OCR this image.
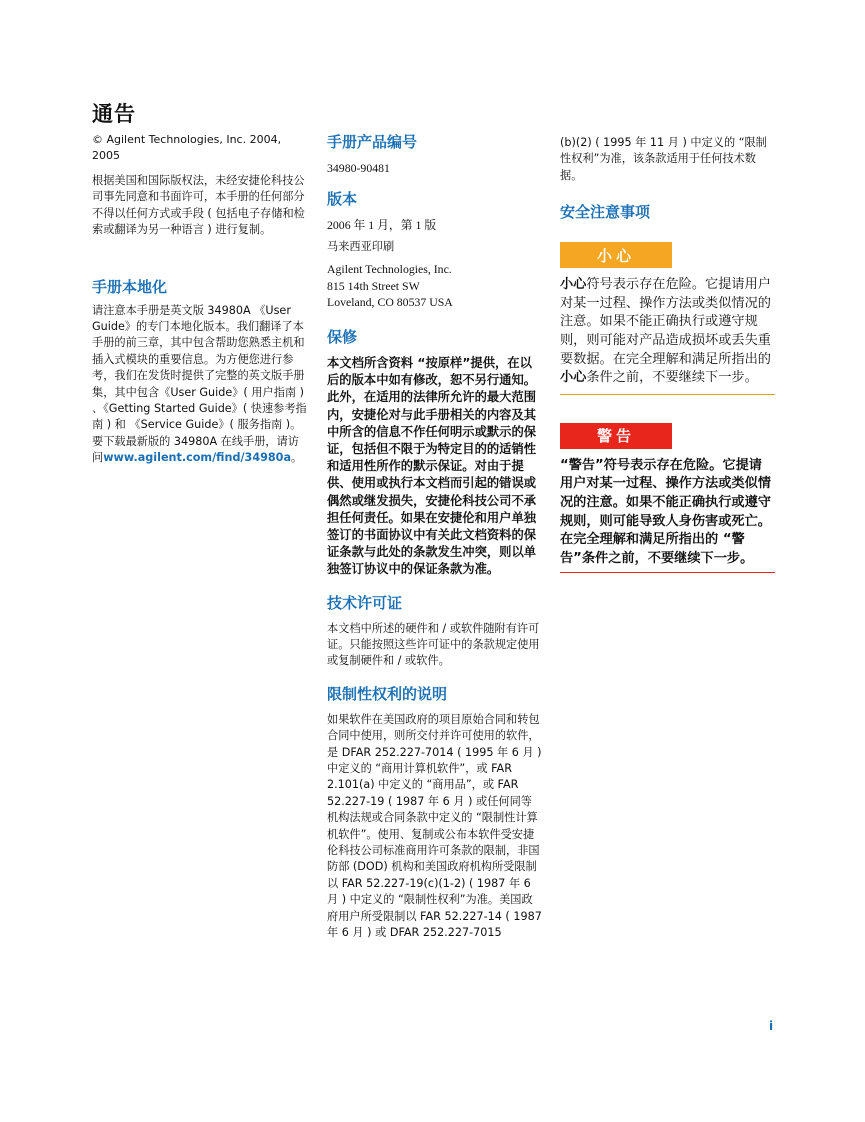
通告
© Agilent Technologies, Inc. 2004, 2005
根据美国和国际版权法，未经安捷伦科技公司事先同意和书面许可，本手册的任何部分不得以任何方式或手段 ( 包括电子存储和检索或翻译为另一种语言 ) 进行复制。
手册本地化
请注意本手册是英文版 34980A 《User Guide》的专门本地化版本。我们翻译了本手册的前三章，其中包含帮助您熟悉主机和插入式模块的重要信息。为方便您进行参考，我们在发货时提供了完整的英文版手册集，其中包含《User Guide》( 用户指南 ) 、《Getting Started Guide》( 快速参考指南 ) 和 《Service Guide》( 服务指南 )。要下载最新版的 34980A 在线手册，请访问www.agilent.com/find/34980a。
手册产品编号
34980-90481
版本
2006 年 1 月，第 1 版
马来西亚印刷
Agilent Technologies, Inc.
815 14th Street SW
Loveland, CO 80537 USA
保修
本文档所含资料 “按原样”提供，在以后的版本中如有修改，恕不另行通知。此外，在适用的法律所允许的最大范围内，安捷伦对与此手册相关的内容及其中所含的信息不作任何明示或默示的保证，包括但不限于为特定目的的适销性和适用性所作的默示保证。对由于提供、使用或执行本文档而引起的错误或偶然或继发损失，安捷伦科技公司不承担任何责任。如果在安捷伦和用户单独签订的书面协议中有关此文档资料的保证条款与此处的条款发生冲突，则以单独签订协议中的保证条款为准。
技术许可证
本文档中所述的硬件和 / 或软件随附有许可证。只能按照这些许可证中的条款规定使用或复制硬件和 / 或软件。
限制性权利的说明
如果软件在美国政府的项目原始合同和转包合同中使用，则所交付并许可使用的软件，是 DFAR 252.227-7014 ( 1995 年 6 月 ) 中定义的 “商用计算机软件”，或 FAR 2.101(a) 中定义的 “商用品”，或 FAR 52.227-19 ( 1987 年 6 月 ) 或任何同等机构法规或合同条款中定义的 “限制性计算机软件”。使用、复制或公布本软件受安捷伦科技公司标准商用许可条款的限制，非国防部 (DOD) 机构和美国政府机构所受限制以 FAR 52.227-19(c)(1-2) ( 1987 年 6 月 ) 中定义的 “限制性权利”为准。美国政府用户所受限制以 FAR 52.227-14 ( 1987 年 6 月 ) 或 DFAR 252.227-7015
(b)(2) ( 1995 年 11 月 ) 中定义的 “限制性权利”为准，该条款适用于任何技术数据。
安全注意事项
小心
小心符号表示存在危险。它提请用户对某一过程、操作方法或类似情况的注意。如果不能正确执行或遵守规则，则可能对产品造成损坏或丢失重要数据。在完全理解和满足所指出的小心条件之前，不要继续下一步。
警告
“警告”符号表示存在危险。它提请用户对某一过程、操作方法或类似情况的注意。如果不能正确执行或遵守规则，则可能导致人身伤害或死亡。在完全理解和满足所指出的 “警告”条件之前，不要继续下一步。
i
